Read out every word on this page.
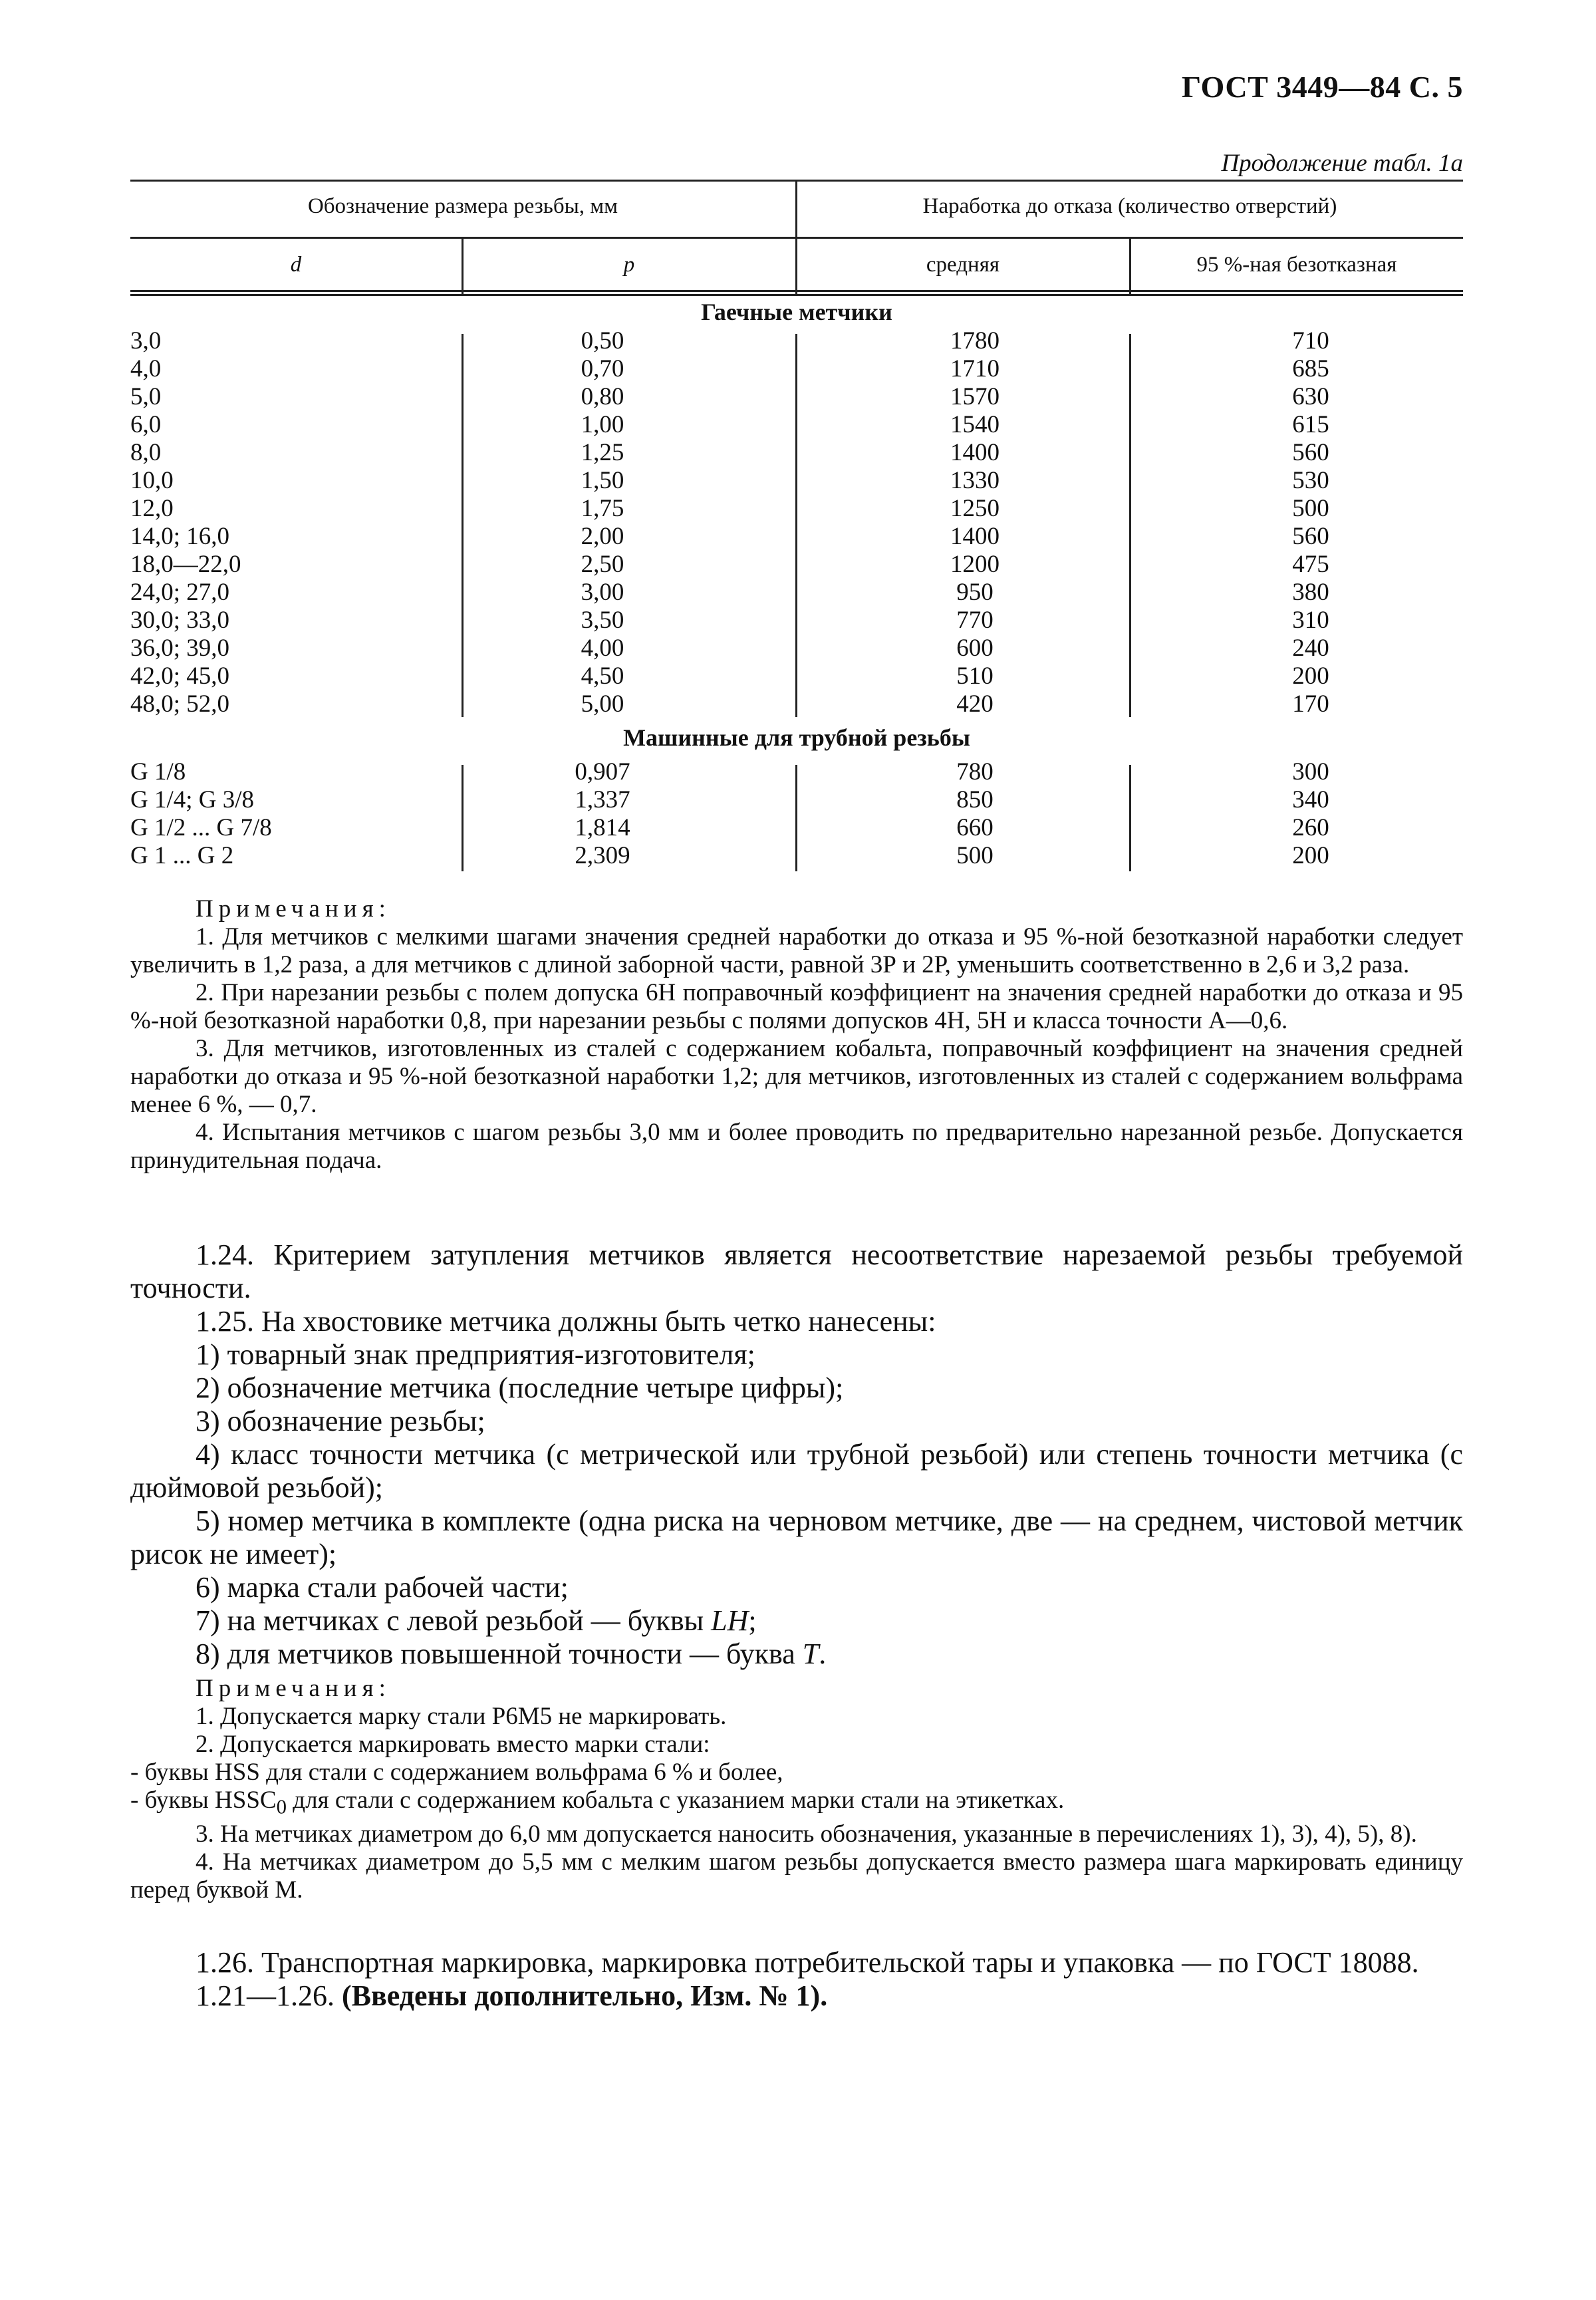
ГОСТ 3449—84 С. 5
Продолжение табл. 1а
Обозначение размера резьбы, мм	Наработка до отказа (количество отверстий)
d	p	средняя	95 %-ная безотказная
Гаечные метчики
3,0	0,50	1780	710
4,0	0,70	1710	685
5,0	0,80	1570	630
6,0	1,00	1540	615
8,0	1,25	1400	560
10,0	1,50	1330	530
12,0	1,75	1250	500
14,0; 16,0	2,00	1400	560
18,0—22,0	2,50	1200	475
24,0; 27,0	3,00	950	380
30,0; 33,0	3,50	770	310
36,0; 39,0	4,00	600	240
42,0; 45,0	4,50	510	200
48,0; 52,0	5,00	420	170
Машинные для трубной резьбы
G 1/8	0,907	780	300
G 1/4; G 3/8	1,337	850	340
G 1/2 ... G 7/8	1,814	660	260
G 1 ... G 2	2,309	500	200

Примечания:

1. Для метчиков с мелкими шагами значения средней наработки до отказа и 95 %-ной безотказной наработки следует увеличить в 1,2 раза, а для метчиков с длиной заборной части, равной 3Р и 2Р, уменьшить соответственно в 2,6 и 3,2 раза.

2. При нарезании резьбы с полем допуска 6Н поправочный коэффициент на значения средней наработки до отказа и 95 %-ной безотказной наработки 0,8, при нарезании резьбы с полями допусков 4Н, 5Н и класса точности А—0,6.

3. Для метчиков, изготовленных из сталей с содержанием кобальта, поправочный коэффициент на значения средней наработки до отказа и 95 %-ной безотказной наработки 1,2; для метчиков, изготовленных из сталей с содержанием вольфрама менее 6 %, — 0,7.

4. Испытания метчиков с шагом резьбы 3,0 мм и более проводить по предварительно нарезанной резьбе. Допускается принудительная подача.

1.24. Критерием затупления метчиков является несоответствие нарезаемой резьбы требуемой точности.

1.25. На хвостовике метчика должны быть четко нанесены:

1) товарный знак предприятия-изготовителя;

2) обозначение метчика (последние четыре цифры);

3) обозначение резьбы;

4) класс точности метчика (с метрической или трубной резьбой) или степень точности метчика (с дюймовой резьбой);

5) номер метчика в комплекте (одна риска на черновом метчике, две — на среднем, чистовой метчик рисок не имеет);

6) марка стали рабочей части;

7) на метчиках с левой резьбой — буквы LH;

8) для метчиков повышенной точности — буква T.

Примечания:

1. Допускается марку стали Р6М5 не маркировать.

2. Допускается маркировать вместо марки стали:

- буквы HSS для стали с содержанием вольфрама 6 % и более,

- буквы $HSSC_0$ для стали с содержанием кобальта с указанием марки стали на этикетках.

3. На метчиках диаметром до 6,0 мм допускается наносить обозначения, указанные в перечислениях 1), 3), 4), 5), 8).

4. На метчиках диаметром до 5,5 мм с мелким шагом резьбы допускается вместо размера шага маркировать единицу перед буквой М.

1.26. Транспортная маркировка, маркировка потребительской тары и упаковка — по ГОСТ 18088.

1.21—1.26. (Введены дополнительно, Изм. № 1).
